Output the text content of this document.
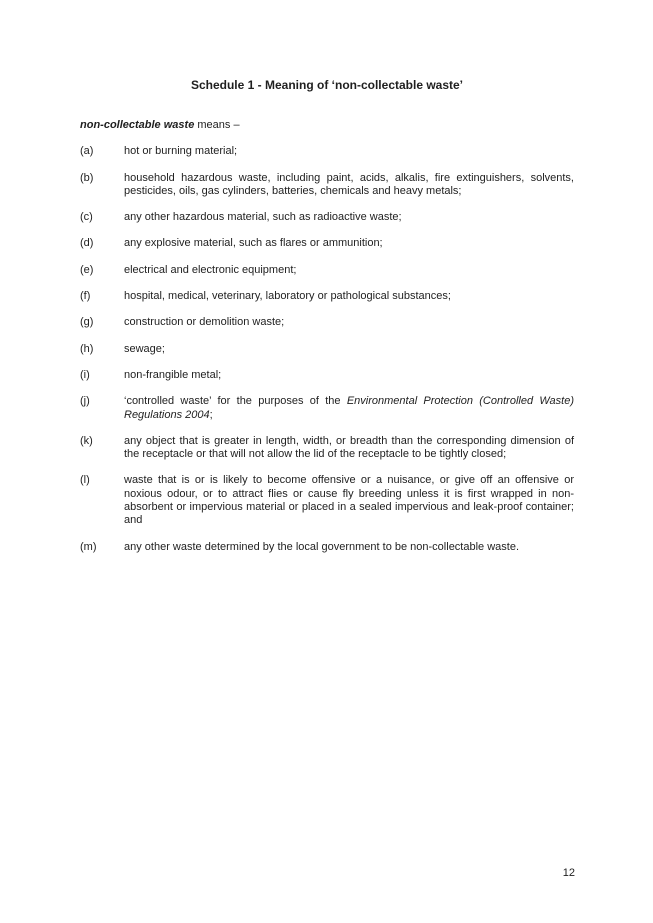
Schedule 1 - Meaning of ‘non-collectable waste’

non-collectable waste means –

(a)	hot or burning material;
(b)	household hazardous waste, including paint, acids, alkalis, fire extinguishers, solvents, pesticides, oils, gas cylinders, batteries, chemicals and heavy metals;
(c)	any other hazardous material, such as radioactive waste;
(d)	any explosive material, such as flares or ammunition;
(e)	electrical and electronic equipment;
(f)	hospital, medical, veterinary, laboratory or pathological substances;
(g)	construction or demolition waste;
(h)	sewage;
(i)	non-frangible metal;
(j)	‘controlled waste’ for the purposes of the Environmental Protection (Controlled Waste) Regulations 2004;
(k)	any object that is greater in length, width, or breadth than the corresponding dimension of the receptacle or that will not allow the lid of the receptacle to be tightly closed;
(l)	waste that is or is likely to become offensive or a nuisance, or give off an offensive or noxious odour, or to attract flies or cause fly breeding unless it is first wrapped in non-absorbent or impervious material or placed in a sealed impervious and leak-proof container; and
(m)	any other waste determined by the local government to be non-collectable waste.
12
